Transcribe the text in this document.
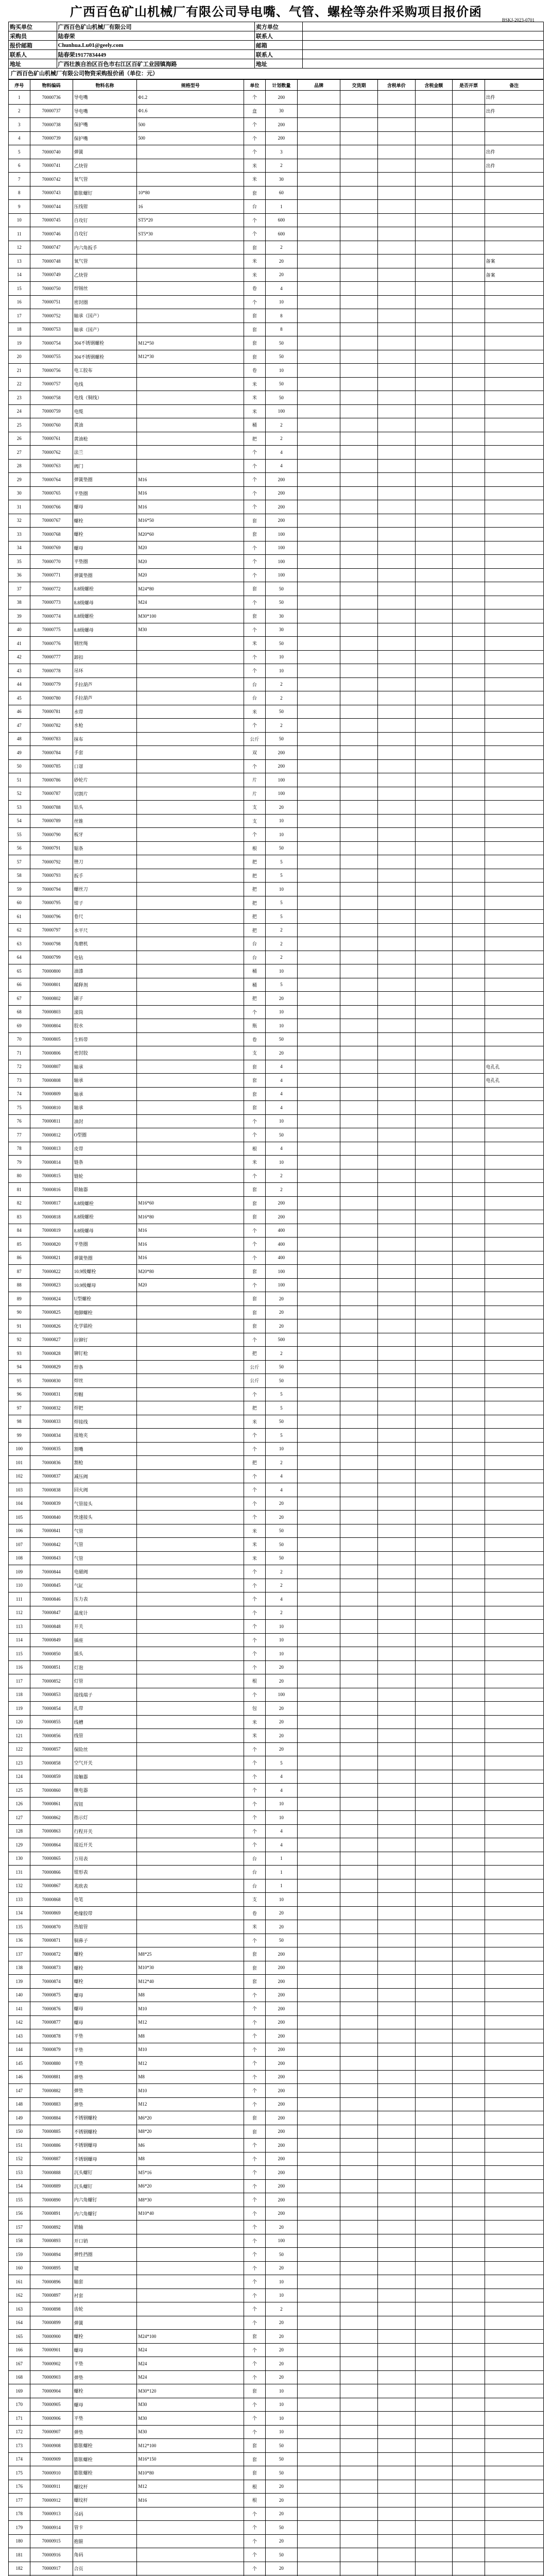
广西百色矿山机械厂有限公司导电嘴、气管、螺栓等杂件采购项目报价函
BSKJ-2023-0701
购买单位	广西百色矿山机械厂有限公司	卖方单位	
采购员	陆春荣	联系人	
报价邮箱	Chunhua.Lu01@geely.com	邮箱	
联系人	陆春荣19177834449	联系人	
地址	广西壮族自治区百色市右江区百矿工业园镇海路	地址	
广西百色矿山机械厂有限公司物资采购报价函（单位：元）
序号	物料编码	物料名称	规格型号	单位	计划数量	品牌	交货期	含税单价	含税金额	是否开票	备注
1	70000736	导电嘴	Φ1.2	个	200						出件
2	70000737	导电嘴	Φ1.6	盒	30						出件
3	70000738	保护嘴	500	个	200						
4	70000739	保护嘴	500	个	200						
5	70000740	弹簧		个	3						出件
6	70000741	乙炔管		米	2						出件
7	70000742	氧气管		米	30						
8	70000743	膨胀螺钉	10*80	套	60						
9	70000744	压线钳	16	台	1						
10	70000745	自攻钉	ST5*20	个	600						
11	70000746	自攻钉	ST5*30	个	600						
12	70000747	内六角扳手		套	2						
13	70000748	氧气管		米	20						备案
14	70000749	乙炔管		米	20						备案
15	70000750	焊锡丝		卷	4						
16	70000751	密封圈		个	10						
17	70000752	轴承（国产）		套	8						
18	70000753	轴承（国产）		套	8						
19	70000754	304不锈钢螺栓	M12*50	套	50						
20	70000755	304不锈钢螺栓	M12*30	套	50						
21	70000756	电工胶布		卷	10						
22	70000757	电线		米	50						
23	70000758	电线（铜线）		米	50						
24	70000759	电缆		米	100						
25	70000760	黄油		桶	2						
26	70000761	黄油枪		把	2						
27	70000762	法兰		个	4						
28	70000763	阀门		个	4						
29	70000764	弹簧垫圈	M16	个	200						
30	70000765	平垫圈	M16	个	200						
31	70000766	螺母	M16	个	200						
32	70000767	螺栓	M16*50	套	200						
33	70000768	螺栓	M20*60	套	100						
34	70000769	螺母	M20	个	100						
35	70000770	平垫圈	M20	个	100						
36	70000771	弹簧垫圈	M20	个	100						
37	70000772	8.8级螺栓	M24*80	套	50						
38	70000773	8.8级螺母	M24	个	50						
39	70000774	8.8级螺栓	M30*100	套	30						
40	70000775	8.8级螺母	M30	个	30						
41	70000776	钢丝绳		米	50						
42	70000777	卸扣		个	10						
43	70000778	吊环		个	10						
44	70000779	手拉葫芦		台	2						
45	70000780	手拉葫芦		台	2						
46	70000781	水带		米	50						
47	70000782	水枪		个	2						
48	70000783	抹布		公斤	50						
49	70000784	手套		双	200						
50	70000785	口罩		个	200						
51	70000786	砂轮片		片	100						
52	70000787	切割片		片	100						
53	70000788	钻头		支	20						
54	70000789	丝锥		支	10						
55	70000790	板牙		个	10						
56	70000791	锯条		根	50						
57	70000792	锉刀		把	5						
58	70000793	扳手		把	5						
59	70000794	螺丝刀		把	10						
60	70000795	钳子		把	5						
61	70000796	卷尺		把	5						
62	70000797	水平尺		把	2						
63	70000798	角磨机		台	2						
64	70000799	电钻		台	2						
65	70000800	油漆		桶	10						
66	70000801	稀释剂		桶	5						
67	70000802	刷子		把	20						
68	70000803	滚筒		个	10						
69	70000804	胶水		瓶	10						
70	70000805	生料带		卷	50						
71	70000806	密封胶		支	20						
72	70000807	轴承		套	4						电孔孔
73	70000808	轴承		套	4						电孔孔
74	70000809	轴承		套	4						
75	70000810	轴承		套	4						
76	70000811	油封		个	10						
77	70000812	O型圈		个	50						
78	70000813	皮带		根	4						
79	70000814	链条		米	10						
80	70000815	链轮		个	2						
81	70000816	联轴器		套	2						
82	70000817	8.8级螺栓	M16*60	套	200						
83	70000818	8.8级螺栓	M16*80	套	200						
84	70000819	8.8级螺母	M16	个	400						
85	70000820	平垫圈	M16	个	400						
86	70000821	弹簧垫圈	M16	个	400						
87	70000822	10.9级螺栓	M20*80	套	100						
88	70000823	10.9级螺母	M20	个	100						
89	70000824	U型螺栓		套	20						
90	70000825	地脚螺栓		套	20						
91	70000826	化学锚栓		套	20						
92	70000827	拉铆钉		个	500						
93	70000828	铆钉枪		把	2						
94	70000829	焊条		公斤	50						
95	70000830	焊丝		公斤	50						
96	70000831	焊帽		个	5						
97	70000832	焊把		把	5						
98	70000833	焊接线		米	50						
99	70000834	接地夹		个	5						
100	70000835	割嘴		个	10						
101	70000836	割枪		把	2						
102	70000837	减压阀		个	4						
103	70000838	回火阀		个	4						
104	70000839	气管接头		个	20						
105	70000840	快速接头		个	20						
106	70000841	气管		米	50						
107	70000842	气管		米	50						
108	70000843	气管		米	50						
109	70000844	电磁阀		个	2						
110	70000845	气缸		个	2						
111	70000846	压力表		个	4						
112	70000847	温度计		个	2						
113	70000848	开关		个	10						
114	70000849	插座		个	10						
115	70000850	插头		个	10						
116	70000851	灯泡		个	20						
117	70000852	灯管		根	20						
118	70000853	接线端子		个	100						
119	70000854	扎带		包	20						
120	70000855	线槽		米	20						
121	70000856	线管		米	20						
122	70000857	保险丝		个	20						
123	70000858	空气开关		个	5						
124	70000859	接触器		个	4						
125	70000860	继电器		个	4						
126	70000861	按钮		个	10						
127	70000862	指示灯		个	10						
128	70000863	行程开关		个	4						
129	70000864	接近开关		个	4						
130	70000865	万用表		台	1						
131	70000866	钳形表		台	1						
132	70000867	兆欧表		台	1						
133	70000868	电笔		支	10						
134	70000869	绝缘胶带		卷	20						
135	70000870	热缩管		米	20						
136	70000871	铜鼻子		个	50						
137	70000872	螺栓	M8*25	套	200						
138	70000873	螺栓	M10*30	套	200						
139	70000874	螺栓	M12*40	套	200						
140	70000875	螺母	M8	个	200						
141	70000876	螺母	M10	个	200						
142	70000877	螺母	M12	个	200						
143	70000878	平垫	M8	个	200						
144	70000879	平垫	M10	个	200						
145	70000880	平垫	M12	个	200						
146	70000881	弹垫	M8	个	200						
147	70000882	弹垫	M10	个	200						
148	70000883	弹垫	M12	个	200						
149	70000884	不锈钢螺栓	M6*20	套	200						
150	70000885	不锈钢螺栓	M8*20	套	200						
151	70000886	不锈钢螺母	M6	个	200						
152	70000887	不锈钢螺母	M8	个	200						
153	70000888	沉头螺钉	M5*16	个	200						
154	70000889	沉头螺钉	M6*20	个	200						
155	70000890	内六角螺钉	M8*30	个	200						
156	70000891	内六角螺钉	M10*40	个	200						
157	70000892	销轴		个	20						
158	70000893	开口销		个	100						
159	70000894	弹性挡圈		个	50						
160	70000895	键		个	20						
161	70000896	轴套		个	10						
162	70000897	衬套		个	10						
163	70000898	齿轮		个	2						
164	70000899	弹簧		个	20						
165	70000900	螺栓	M24*100	套	20						
166	70000901	螺母	M24	个	20						
167	70000902	平垫	M24	个	20						
168	70000903	弹垫	M24	个	20						
169	70000904	螺栓	M30*120	套	10						
170	70000905	螺母	M30	个	10						
171	70000906	平垫	M30	个	10						
172	70000907	弹垫	M30	个	10						
173	70000908	膨胀螺栓	M12*100	套	50						
174	70000909	膨胀螺栓	M16*150	套	50						
175	70000910	膨胀螺栓	M10*80	套	50						
176	70000911	螺纹杆	M12	根	20						
177	70000912	螺纹杆	M16	根	20						
178	70000913	吊码		个	20						
179	70000914	管卡		个	50						
180	70000915	抱箍		个	20						
181	70000916	角码		个	50						
182	70000917	合页		个	20						
